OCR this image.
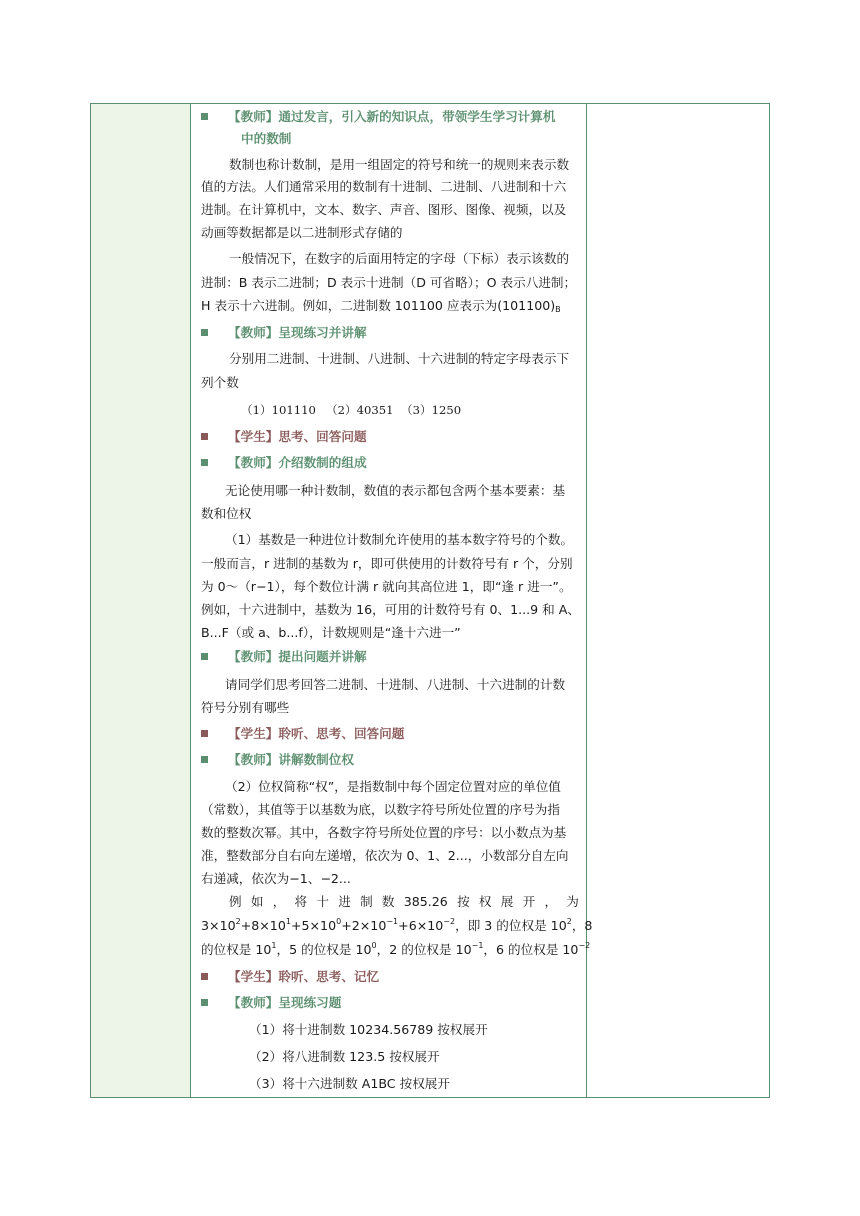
【教师】通过发言，引入新的知识点，带领学生学习计算机
中的数制
数制也称计数制，是用一组固定的符号和统一的规则来表示数
值的方法。人们通常采用的数制有十进制、二进制、八进制和十六
进制。在计算机中，文本、数字、声音、图形、图像、视频，以及
动画等数据都是以二进制形式存储的
一般情况下，在数字的后面用特定的字母（下标）表示该数的
进制：B 表示二进制；D 表示十进制（D 可省略）；O 表示八进制；
H 表示十六进制。例如，二进制数 101100 应表示为$(101100)_B$
【教师】呈现练习并讲解
分别用二进制、十进制、八进制、十六进制的特定字母表示下
列个数
（1）101110 （2）40351 （3）1250
【学生】思考、回答问题
【教师】介绍数制的组成
无论使用哪一种计数制，数值的表示都包含两个基本要素：基
数和位权
（1）基数是一种进位计数制允许使用的基本数字符号的个数。
一般而言，r 进制的基数为 r，即可供使用的计数符号有 r 个，分别
为 0～（r−1），每个数位计满 r 就向其高位进 1，即“逢 r 进一”。
例如，十六进制中，基数为 16，可用的计数符号有 0、1...9 和 A、
B...F（或 a、b...f），计数规则是“逢十六进一”
【教师】提出问题并讲解
请同学们思考回答二进制、十进制、八进制、十六进制的计数
符号分别有哪些
【学生】聆听、思考、回答问题
【教师】讲解数制位权
（2）位权简称“权”，是指数制中每个固定位置对应的单位值
（常数），其值等于以基数为底，以数字符号所处位置的序号为指
数的整数次幂。其中，各数字符号所处位置的序号：以小数点为基
准，整数部分自右向左递增，依次为 0、1、2...，小数部分自左向
右递减，依次为−1、−2...
例 如 ， 将 十 进 制 数 385.26 按 权 展 开 ， 为
$3\times 10^2+8\times 10^1+5\times 10^0+2\times 10^{-1}+6\times 10^{-2}$，即 3 的位权是 $10^2$，8
的位权是 $10^1$，5 的位权是 $10^0$，2 的位权是 $10^{-1}$，6 的位权是 $10^{-2}$
【学生】聆听、思考、记忆
【教师】呈现练习题
（1）将十进制数 10234.56789 按权展开
（2）将八进制数 123.5 按权展开
（3）将十六进制数 A1BC 按权展开
